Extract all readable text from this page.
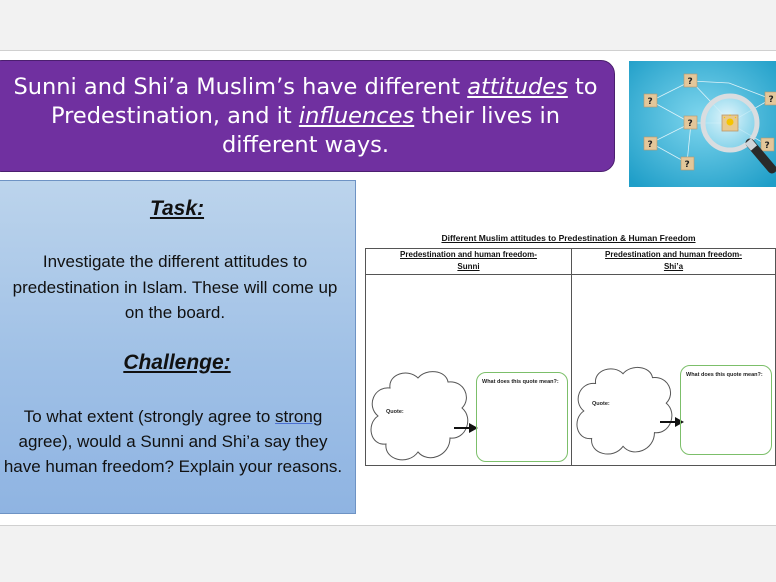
Sunni and Shi’a Muslim’s have different attitudes to Predestination, and it influences their lives in different ways.
?
?
?
?
?
?
?
Task:
Investigate the different attitudes to predestination in Islam. These will come up on the board.
Challenge:
To what extent (strongly agree to strong agree), would a Sunni and Shi’a say they have human freedom? Explain your reasons.
Different Muslim attitudes to Predestination & Human Freedom
Predestination and human freedom-
Sunni
Quote:
What does this quote mean?:
Predestination and human freedom-
Shi’a
Quote:
What does this quote mean?:
